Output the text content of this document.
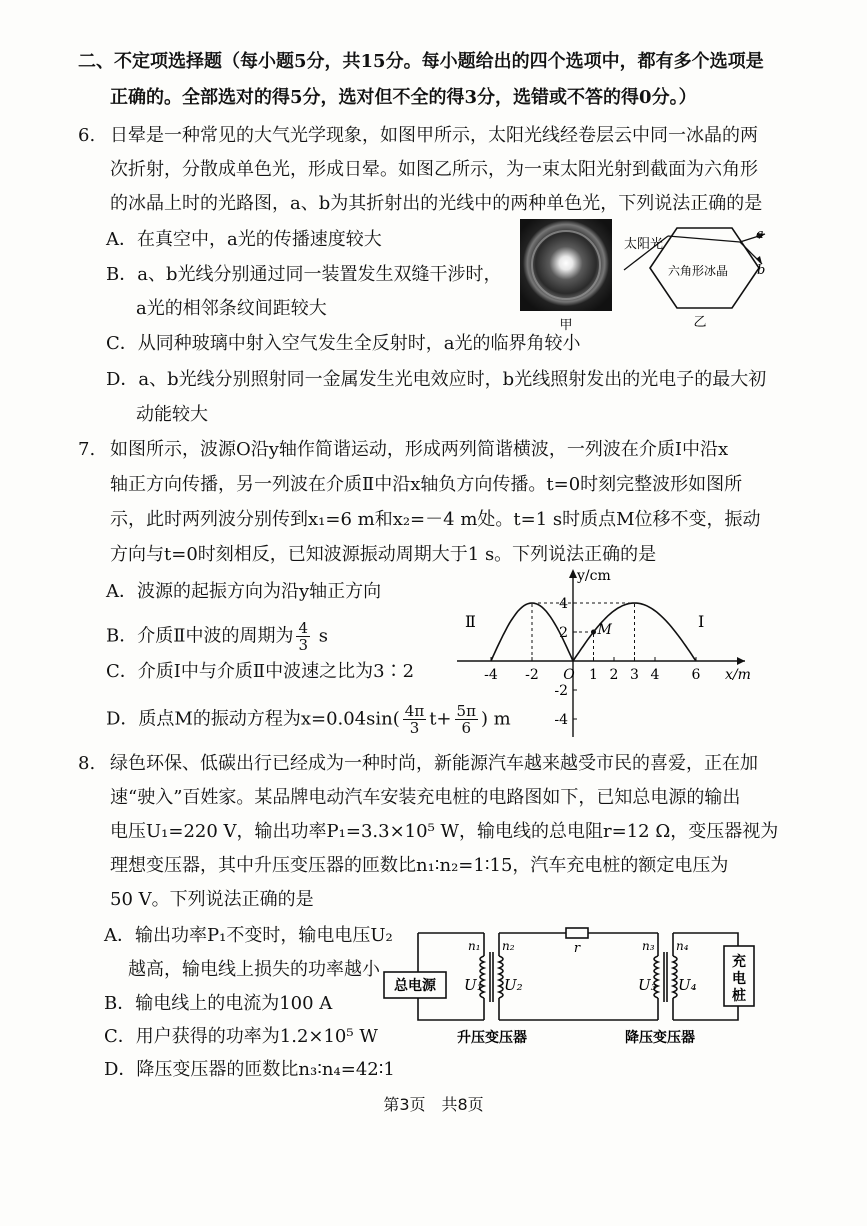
二、不定项选择题（每小题5分，共15分。每小题给出的四个选项中，都有多个选项是
正确的。全部选对的得5分，选对但不全的得3分，选错或不答的得0分。）
6. 日晕是一种常见的大气光学现象，如图甲所示，太阳光线经卷层云中同一冰晶的两
次折射，分散成单色光，形成日晕。如图乙所示，为一束太阳光射到截面为六角形
的冰晶上时的光路图，a、b为其折射出的光线中的两种单色光，下列说法正确的是
A．在真空中，a光的传播速度较大
B．a、b光线分别通过同一装置发生双缝干涉时，
a光的相邻条纹间距较大
C．从同种玻璃中射入空气发生全反射时，a光的临界角较小
D．a、b光线分别照射同一金属发生光电效应时，b光线照射发出的光电子的最大初
动能较大
甲
太阳光
六角形冰晶
a
b
乙
7. 如图所示，波源O沿y轴作简谐运动，形成两列简谐横波，一列波在介质Ⅰ中沿x
轴正方向传播，另一列波在介质Ⅱ中沿x轴负方向传播。t=0时刻完整波形如图所
示，此时两列波分别传到x₁=6 m和x₂=－4 m处。t=1 s时质点M位移不变，振动
方向与t=0时刻相反，已知波源振动周期大于1 s。下列说法正确的是
A．波源的起振方向为沿y轴正方向
B．介质Ⅱ中波的周期为 $\frac{4}{3}$ s
C．介质Ⅰ中与介质Ⅱ中波速之比为3∶2
D．质点M的振动方程为$x=0.04\sin( \frac{4\pi}{3} t+ \frac{5\pi}{6}$ ) m
y/cm
x/m
-4 -2 O 1 2 3 4 6
4
2
-2
-4
M
Ⅱ	Ⅰ
8. 绿色环保、低碳出行已经成为一种时尚，新能源汽车越来越受市民的喜爱，正在加
速“驶入”百姓家。某品牌电动汽车安装充电桩的电路图如下，已知总电源的输出
电压U₁=220 V，输出功率P₁=3.3×10⁵ W，输电线的总电阻r=12 Ω，变压器视为
理想变压器，其中升压变压器的匝数比n₁∶n₂=1∶15，汽车充电桩的额定电压为
50 V。下列说法正确的是
A．输出功率P₁不变时，输电电压U₂
越高，输电线上损失的功率越小
B．输电线上的电流为100 A
C．用户获得的功率为1.2×10⁵ W
D．降压变压器的匝数比n₃∶n₄=42∶1
总电源
充
电
桩
r
n₁ n₂	n₃ n₄
U₁ U₂	U₃ U₄
升压变压器	降压变压器
第3页　共8页
